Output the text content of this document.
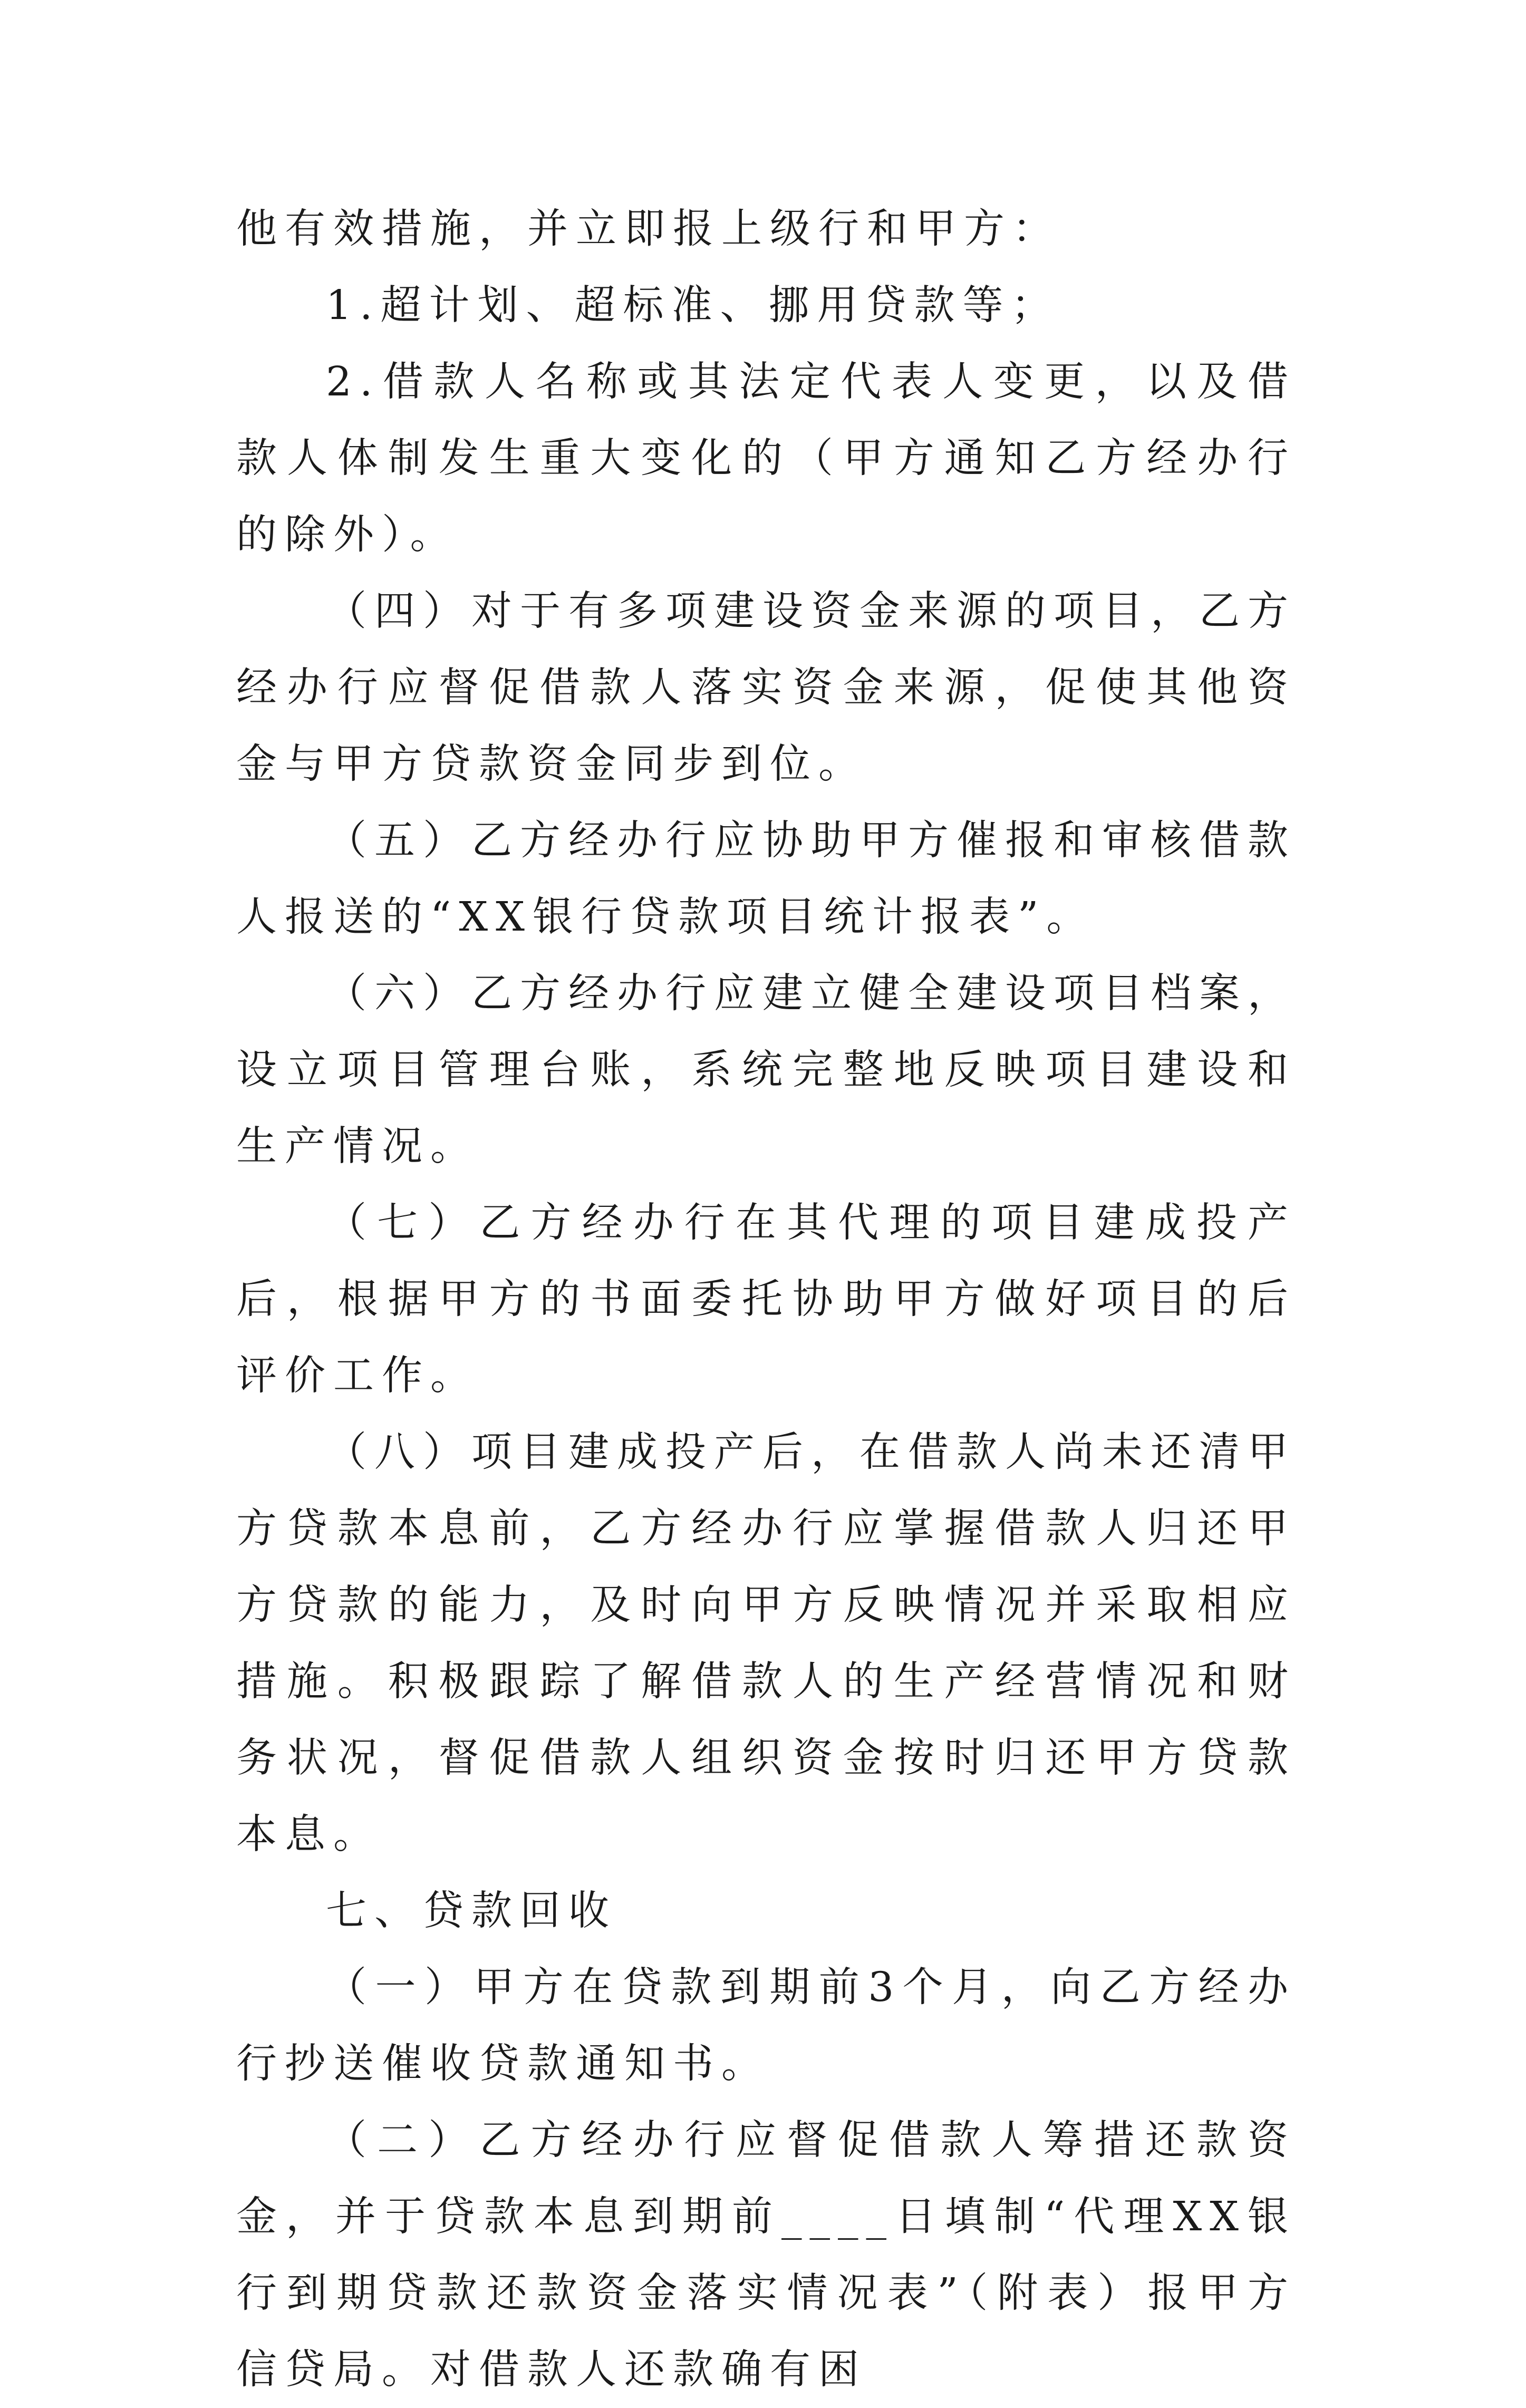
他有效措施，并立即报上级行和甲方：

1.超计划、超标准、挪用贷款等；

2.借款人名称或其法定代表人变更，以及借款人体制发生重大变化的（甲方通知乙方经办行的除外）。

（四）对于有多项建设资金来源的项目，乙方经办行应督促借款人落实资金来源，促使其他资金与甲方贷款资金同步到位。

（五）乙方经办行应协助甲方催报和审核借款人报送的“XX银行贷款项目统计报表”。

（六）乙方经办行应建立健全建设项目档案，设立项目管理台账，系统完整地反映项目建设和生产情况。

（七）乙方经办行在其代理的项目建成投产后，根据甲方的书面委托协助甲方做好项目的后评价工作。

（八）项目建成投产后，在借款人尚未还清甲方贷款本息前，乙方经办行应掌握借款人归还甲方贷款的能力，及时向甲方反映情况并采取相应措施。积极跟踪了解借款人的生产经营情况和财务状况，督促借款人组织资金按时归还甲方贷款本息。

七、贷款回收

（一）甲方在贷款到期前3个月，向乙方经办行抄送催收贷款通知书。

（二）乙方经办行应督促借款人筹措还款资金，并于贷款本息到期前____日填制“代理XX银行到期贷款还款资金落实情况表”（附表）报甲方信贷局。对借款人还款确有困
